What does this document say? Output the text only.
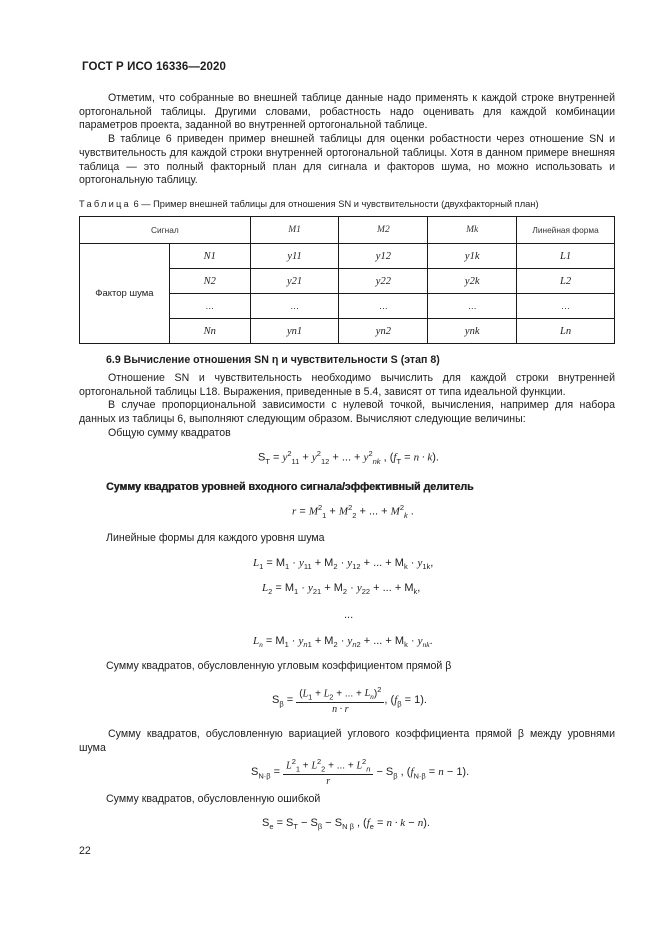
ГОСТ Р ИСО 16336—2020

Отметим, что собранные во внешней таблице данные надо применять к каждой строке внутренней ортогональной таблицы. Другими словами, робастность надо оценивать для каждой комбинации параметров проекта, заданной во внутренней ортогональной таблице.

В таблице 6 приведен пример внешней таблицы для оценки робастности через отношение SN и чувствительность для каждой строки внутренней ортогональной таблицы. Хотя в данном примере внешняя таблица — это полный факторный план для сигнала и факторов шума, но можно использовать и ортогональную таблицу.

Таблица 6 — Пример внешней таблицы для отношения SN и чувствительности (двухфакторный план)
Сигнал		M1	M2	Mk	Линейная форма
Фактор шума	N1	y11	y12	y1k	L1
	N2	y21	y22	y2k	L2
	…	…	…	…	…
	Nn	yn1	yn2	ynk	Ln
6.9 Вычисление отношения SN η и чувствительности S (этап 8)

Отношение SN и чувствительность необходимо вычислить для каждой строки внутренней ортогональной таблицы L18. Выражения, приведенные в 5.4, зависят от типа идеальной функции.

В случае пропорциональной зависимости с нулевой точкой, вычисления, например для набора данных из таблицы 6, выполняют следующим образом. Вычисляют следующие величины:

Общую сумму квадратов

$S_T = y^2_{11} + y^2_{12}$ + ... + $y^2_{nk}$ , $(f_T = n \cdot k)$.
Сумму квадратов уровней входного сигнала/эффективный делитель
$r = M^2_1 + M^2_2$ + ... + $M^2_k$ .
Линейные формы для каждого уровня шума
$L_1 = M_1 \cdot y_{11} + M_2 \cdot y_{12}$ + ... + $M_k \cdot y_{1k}$,
$L_2 = M_1 \cdot y_{21} + M_2 \cdot y_{22}$ + ... + $M_k$,
...
$L_n = M_1 \cdot y_{n1} + M_2 \cdot y_{n2}$ + ... + $M_k \cdot y_{nk}$.
Сумму квадратов, обусловленную угловым коэффициентом прямой β
$S_\beta = \frac{(L_1 + L_2 + ... + L_n)^2}{n \cdot r}$ , $(f_\beta = 1)$.

Сумму квадратов, обусловленную вариацией углового коэффициента прямой β между уровнями шума

$S_{N\cdot\beta} = \frac{L^2_1 + L^2_2 + ... + L^2_n}{r} - S_\beta$ , $(f_{N\cdot\beta} = n - 1)$.
Сумму квадратов, обусловленную ошибкой
$S_e = S_T - S_\beta - S_{N \beta}$ , $(f_e = n \cdot k - n)$.
22
